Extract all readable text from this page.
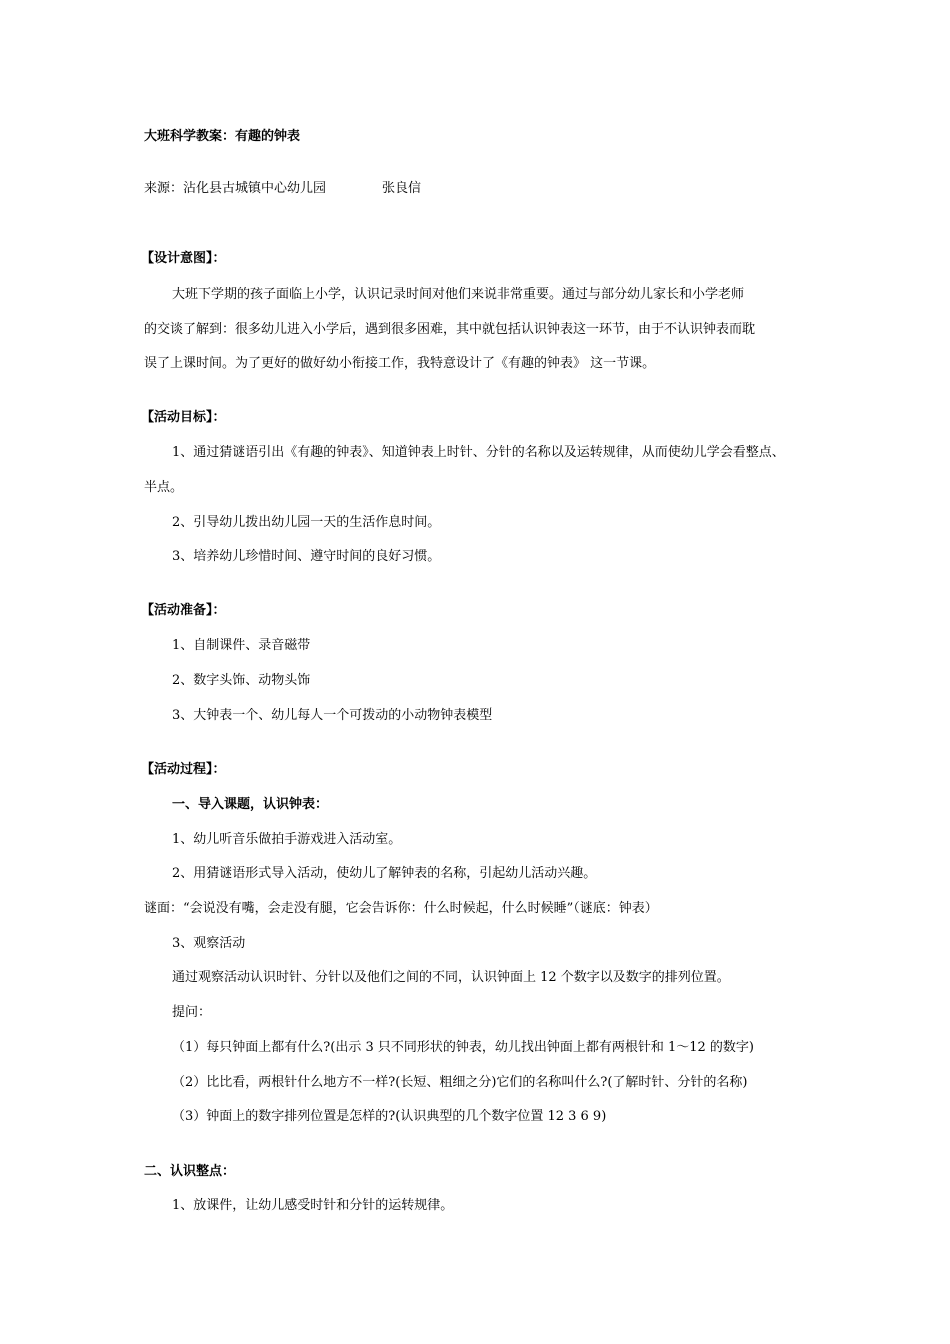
大班科学教案：有趣的钟表
来源：沾化县古城镇中心幼儿园	张良信
【设计意图】：
大班下学期的孩子面临上小学，认识记录时间对他们来说非常重要。通过与部分幼儿家长和小学老师
的交谈了解到：很多幼儿进入小学后，遇到很多困难，其中就包括认识钟表这一环节，由于不认识钟表而耽
误了上课时间。为了更好的做好幼小衔接工作，我特意设计了《有趣的钟表》 这一节课。
【活动目标】：
1、通过猜谜语引出《有趣的钟表》、知道钟表上时针、分针的名称以及运转规律，从而使幼儿学会看整点、
半点。
2、引导幼儿拨出幼儿园一天的生活作息时间。
3、培养幼儿珍惜时间、遵守时间的良好习惯。
【活动准备】：
1、自制课件、录音磁带
2、数字头饰、动物头饰
3、大钟表一个、幼儿每人一个可拨动的小动物钟表模型
【活动过程】：
一、导入课题，认识钟表：
1、幼儿听音乐做拍手游戏进入活动室。
2、用猜谜语形式导入活动，使幼儿了解钟表的名称，引起幼儿活动兴趣。
谜面：“会说没有嘴，会走没有腿，它会告诉你：什么时候起，什么时候睡”（谜底：钟表）
3、观察活动
通过观察活动认识时针、分针以及他们之间的不同，认识钟面上 12 个数字以及数字的排列位置。
提问：
（1）每只钟面上都有什么?(出示 3 只不同形状的钟表，幼儿找出钟面上都有两根针和 1～12 的数字)
（2）比比看，两根针什么地方不一样?(长短、粗细之分)它们的名称叫什么?(了解时针、分针的名称)
（3）钟面上的数字排列位置是怎样的?(认识典型的几个数字位置 12 3 6 9)
二、认识整点：
1、放课件，让幼儿感受时针和分针的运转规律。
